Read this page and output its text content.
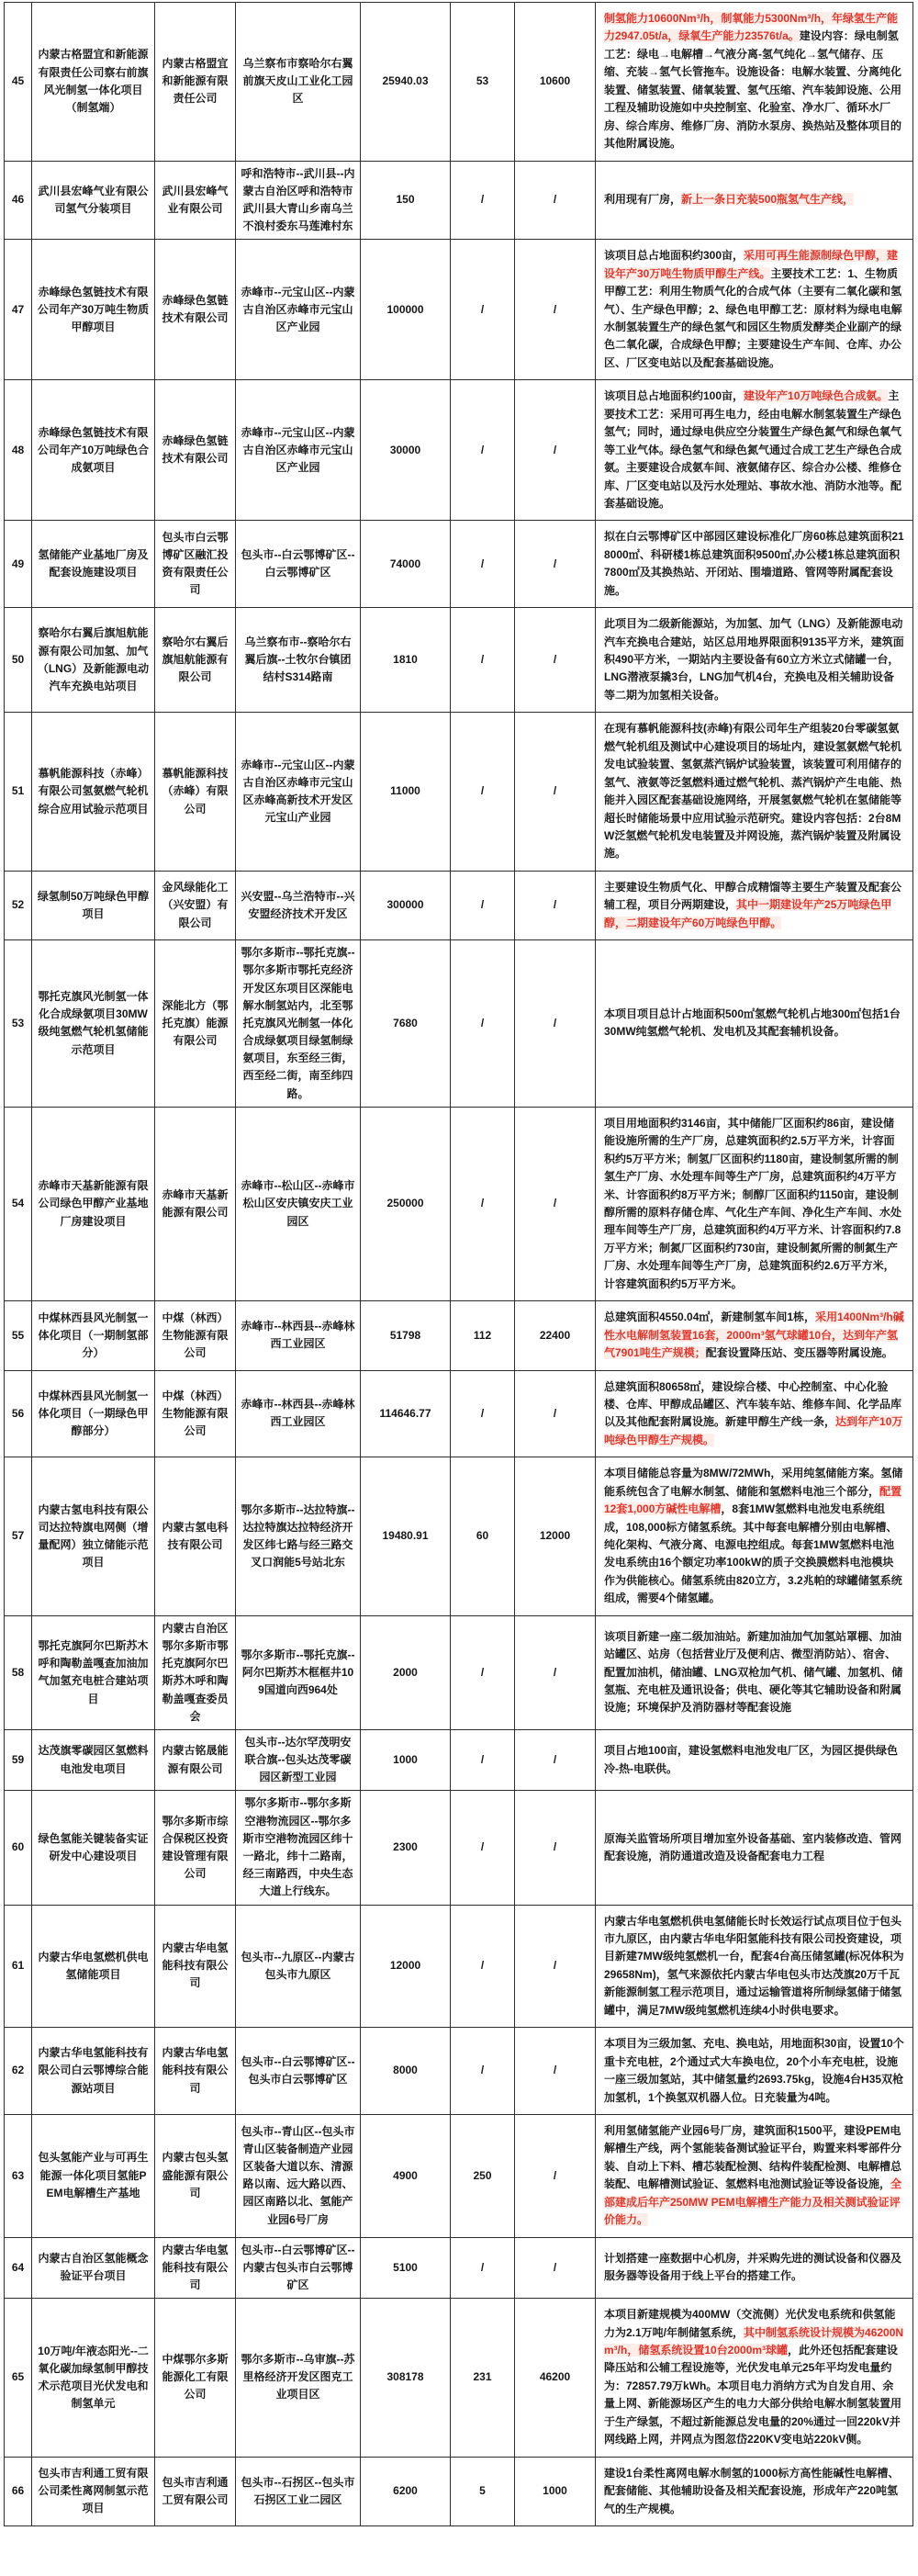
45	内蒙古格盟宜和新能源有限责任公司察右前旗风光制氢一体化项目（制氢端）	内蒙古格盟宜和新能源有限责任公司	乌兰察布市察哈尔右翼前旗天皮山工业化工园区	25940.03	53	10600	制氢能力10600Nm³/h，制氧能力5300Nm³/h，年绿氢生产能力2947.05t/a，绿氧生产能力23576t/a。建设内容：绿电制氢工艺：绿电→电解槽→气液分离-氢气纯化→氢气储存、压缩、充装→氢气长管拖车。设施设备：电解水装置、分离纯化装置、储氢装置、储氧装置、氢气压缩、汽车装卸设施、公用工程及辅助设施如中央控制室、化验室、净水厂、循环水厂房、综合库房、维修厂房、消防水泵房、换热站及整体项目的其他附属设施。
46	武川县宏峰气业有限公司氢气分装项目	武川县宏峰气业有限公司	呼和浩特市--武川县--内蒙古自治区呼和浩特市武川县大青山乡南乌兰不浪村委东马莲滩村东	150	/	/	利用现有厂房，新上一条日充装500瓶氢气生产线，
47	赤峰绿色氢链技术有限公司年产30万吨生物质甲醇项目	赤峰绿色氢链技术有限公司	赤峰市--元宝山区--内蒙古自治区赤峰市元宝山区产业园	100000	/	/	该项目总占地面积约300亩，采用可再生能源制绿色甲醇，建设年产30万吨生物质甲醇生产线。主要技术工艺：1、生物质甲醇工艺：利用生物质气化的合成气体（主要有二氧化碳和氢气）、生产绿色甲醇；2、绿色电甲醇工艺：原材料为绿电电解水制氢装置生产的绿色氢气和园区生物质发酵类企业副产的绿色二氧化碳，合成绿色甲醇；主要建设生产车间、仓库、办公区、厂区变电站以及配套基础设施。
48	赤峰绿色氢链技术有限公司年产10万吨绿色合成氨项目	赤峰绿色氢链技术有限公司	赤峰市--元宝山区--内蒙古自治区赤峰市元宝山区产业园	30000	/	/	该项目总占地面积约100亩，建设年产10万吨绿色合成氨。主要技术工艺：采用可再生电力，经由电解水制氢装置生产绿色氢气；同时，通过绿电供应空分装置生产绿色氮气和绿色氧气等工业气体。绿色氢气和绿色氮气通过合成工艺生产绿色合成氨。主要建设合成氨车间、液氨储存区、综合办公楼、维修仓库、厂区变电站以及污水处理站、事故水池、消防水池等。配套基础设施。
49	氢储能产业基地厂房及配套设施建设项目	包头市白云鄂博矿区融汇投资有限责任公司	包头市--白云鄂博矿区--白云鄂博矿区	74000	/	/	拟在白云鄂博矿区中部园区建设标准化厂房60栋总建筑面积218000㎡、科研楼1栋总建筑面积9500㎡,办公楼1栋总建筑面积7800㎡及其换热站、开闭站、围墙道路、管网等附属配套设施。
50	察哈尔右翼后旗旭航能源有限公司加氢、加气（LNG）及新能源电动汽车充换电站项目	察哈尔右翼后旗旭航能源有限公司	乌兰察布市--察哈尔右翼后旗--土牧尔台镇团结村S314路南	1810	/	/	此项目为二级新能源站，为加氢、加气（LNG）及新能源电动汽车充换电合建站，站区总用地界限面积9135平方米，建筑面积490平方米，一期站内主要设备有60立方米立式储罐一台，LNG潜液泵撬3台，LNG加气机4台，充换电及相关辅助设备等二期为加氢相关设备。
51	慕帆能源科技（赤峰）有限公司氢氨燃气轮机综合应用试验示范项目	慕帆能源科技（赤峰）有限公司	赤峰市--元宝山区--内蒙古自治区赤峰市元宝山区赤峰高新技术开发区元宝山产业园	11000	/	/	在现有慕帆能源科技(赤峰)有限公司年生产组装20台零碳氢氨燃气轮机组及测试中心建设项目的场址内，建设氢氨燃气轮机发电试验装置、氢氨蒸汽锅炉试验装置，该装置可利用储存的氢气、液氨等泛氢燃料通过燃气轮机、蒸汽锅炉产生电能、热能并入园区配套基础设施网络，开展氢氨燃气轮机在氢储能等超长时储能场景中应用试验示范研究。建设内容包括：2台8MW泛氢燃气轮机发电装置及并网设施，蒸汽锅炉装置及附属设施。
52	绿氢制50万吨绿色甲醇项目	金风绿能化工（兴安盟）有限公司	兴安盟--乌兰浩特市--兴安盟经济技术开发区	300000	/	/	主要建设生物质气化、甲醇合成精馏等主要生产装置及配套公辅工程，项目分两期建设，其中一期建设年产25万吨绿色甲醇，二期建设年产60万吨绿色甲醇。
53	鄂托克旗风光制氢一体化合成绿氨项目30MW级纯氢燃气轮机氢储能示范项目	深能北方（鄂托克旗）能源有限公司	鄂尔多斯市--鄂托克旗--鄂尔多斯市鄂托克经济开发区东项目区深能电解水制氢站内，北至鄂托克旗风光制氢一体化合成绿氨项目绿氢制绿氨项目，东至经三街，西至经二街，南至纬四路。	7680	/	/	本项目项目总计占地面积500㎡氢燃气轮机占地300㎡包括1台30MW纯氢燃气轮机、发电机及其配套辅机设备。
54	赤峰市天基新能源有限公司绿色甲醇产业基地厂房建设项目	赤峰市天基新能源有限公司	赤峰市--松山区--赤峰市松山区安庆镇安庆工业园区	250000	/	/	项目用地面积约3146亩，其中储能厂区面积约86亩，建设储能设施所需的生产厂房，总建筑面积约2.5万平方米，计容面积约5万平方米；制氢厂区面积约1180亩，建设制氢所需的制氢生产厂房、水处理车间等生产厂房，总建筑面积约4万平方米、计容面积约8万平方米；制醇厂区面积约1150亩，建设制醇所需的原料存储仓库、气化生产车间、净化生产车间、水处理车间等生产厂房，总建筑面积约4万平方米、计容面积约7.8万平方米；制氮厂区面积约730亩，建设制氮所需的制氮生产厂房、水处理车间等生产厂房，总建筑面积约2.6万平方米，计容建筑面积约5万平方米。
55	中煤林西县风光制氢一体化项目（一期制氢部分）	中煤（林西）生物能源有限公司	赤峰市--林西县--赤峰林西工业园区	51798	112	22400	总建筑面积4550.04㎡，新建制氢车间1栋，采用1400Nm³/h碱性水电解制氢装置16套，2000m³氢气球罐10台，达到年产氢气7901吨生产规模；配套设置降压站、变压器等附属设施。
56	中煤林西县风光制氢一体化项目（一期绿色甲醇部分）	中煤（林西）生物能源有限公司	赤峰市--林西县--赤峰林西工业园区	114646.77	/	/	总建筑面积80658㎡，建设综合楼、中心控制室、中心化验楼、仓库、甲醇成品罐区、汽车装车站、维修车间、化学品库以及其他配套附属设施。新建甲醇生产线一条，达到年产10万吨绿色甲醇生产规模。
57	内蒙古氢电科技有限公司达拉特旗电网侧（增量配网）独立储能示范项目	内蒙古氢电科技有限公司	鄂尔多斯市--达拉特旗--达拉特旗达拉特经济开发区纬七路与经三路交叉口润能5号站北东	19480.91	60	12000	本项目储能总容量为8MW/72MWh，采用纯氢储能方案。氢储能系统包含了电解水制氢、储能和氢燃料电池三个部分，配置12套1,000方碱性电解槽，8套1MW氢燃料电池发电系统组成，108,000标方储氢系统。其中每套电解槽分别由电解槽、纯化架构、气液分离、电源电控组成。每套1MW氢燃料电池发电系统由16个额定功率100kW的质子交换膜燃料电池模块作为供能核心。储氢系统由820立方，3.2兆帕的球罐储氢系统组成，需要4个储氢罐。
58	鄂托克旗阿尔巴斯苏木呼和陶勒盖嘎查加油加气加氢充电桩合建站项目	内蒙古自治区鄂尔多斯市鄂托克旗阿尔巴斯苏木呼和陶勒盖嘎查委员会	鄂尔多斯市--鄂托克旗--阿尔巴斯苏木框框井109国道向西964处	2000	/	/	该项目新建一座二级加油站。新建加油加气加氢站罩棚、加油站罐区、站房（包括营业厅及便利店、微型消防站）、宿舍、配置加油机，储油罐、LNG双枪加气机、储气罐、加氢机、储氢瓶、充电桩及通讯设备；供电、硬化等其它辅助设备和附属设施；环境保护及消防器材等配套设施
59	达茂旗零碳园区氢燃料电池发电项目	内蒙古铭晟能源有限公司	包头市--达尔罕茂明安联合旗--包头达茂零碳园区新型工业园	1000	/	/	项目占地100亩，建设氢燃料电池发电厂区，为园区提供绿色冷-热-电联供。
60	绿色氢能关键装备实证研发中心建设项目	鄂尔多斯市综合保税区投资建设管理有限公司	鄂尔多斯市--鄂尔多斯空港物流园区--鄂尔多斯市空港物流园区纬十一路北，纬十二路南，经三南路西，中央生态大道上行线东。	2300	/	/	原海关监管场所项目增加室外设备基础、室内装修改造、管网配套设施，消防通道改造及设备配套电力工程
61	内蒙古华电氢燃机供电氢储能项目	内蒙古华电氢能科技有限公司	包头市--九原区--内蒙古包头市九原区	12000	/	/	内蒙古华电氢燃机供电氢储能长时长效运行试点项目位于包头市九原区，由内蒙古华电华阳氢能科技有限公司投资建设，项目新建7MW级纯氢燃机一台，配套4台高压储氢罐(标况体积为29658Nm)，氢气来源依托内蒙古华电包头市达茂旗20万千瓦新能源制氢工程示范项目，通过运输管道将所制绿氢储于储氢罐中，满足7MW级纯氢燃机连续4小时供电要求。
62	内蒙古华电氢能科技有限公司白云鄂博综合能源站项目	内蒙古华电氢能科技有限公司	包头市--白云鄂博矿区--包头市白云鄂博矿区	8000	/	/	本项目为三级加氢、充电、换电站，用地面积30亩，设置10个重卡充电桩，2个通过式大车换电位，20个小车充电桩，设施一座三级加氢站，其中储氢量约2693.75kg，设施4台H35双枪加氢机，1个换氢双机器人位。日充装量为4吨。
63	包头氢能产业与可再生能源一体化项目氢能PEM电解槽生产基地	内蒙古包头氢盛能源有限公司	包头市--青山区--包头市青山区装备制造产业园区装备大道以东、清源路以南、远大路以西、园区南路以北、氢能产业园6号厂房	4900	250	/	利用氢储氢能产业园6号厂房，建筑面积1500平，建设PEM电解槽生产线，两个氢能装备测试验证平台，购置来料零部件分装、自动上下料、槽芯装配检测、结构件装配检测、电解槽总装配、电解槽测试验证、氢燃料电池测试验证等设备设施，全部建成后年产250MW PEM电解槽生产能力及相关测试验证评价能力。
64	内蒙古自治区氢能概念验证平台项目	内蒙古华电氢能科技有限公司	包头市--白云鄂博矿区--内蒙古包头市白云鄂博矿区	5100	/	/	计划搭建一座数据中心机房，并采购先进的测试设备和仪器及服务器等设备用于线上平台的搭建工作。
65	10万吨/年液态阳光--二氧化碳加绿氢制甲醇技术示范项目光伏发电和制氢单元	中煤鄂尔多斯能源化工有限公司	鄂尔多斯市--乌审旗--苏里格经济开发区图克工业项目区	308178	231	46200	本项目新建规模为400MW（交流侧）光伏发电系统和供氢能力为2.1万吨/年制储氢系统，其中制氢系统设计规模为46200Nm³/h，储氢系统设置10台2000m³球罐，此外还包括配套建设降压站和公辅工程设施等，光伏发电单元25年平均发电量约为：72857.79万kWh。本项目电力消纳方式为自发自用、余量上网、新能源场区产生的电力大部分供给电解水制氢装置用于生产绿氢，不超过新能源总发电量的20%通过一回220kV并网线路上网，并网点为图忽岱220KV变电站220kV侧。
66	包头市吉利通工贸有限公司柔性离网制氢示范项目	包头市吉利通工贸有限公司	包头市--石拐区--包头市石拐区工业二园区	6200	5	1000	建设1台柔性离网电解水制氢的1000标方高性能碱性电解槽、配套储能、其他辅助设备及相关配套设施，形成年产220吨氢气的生产规模。
